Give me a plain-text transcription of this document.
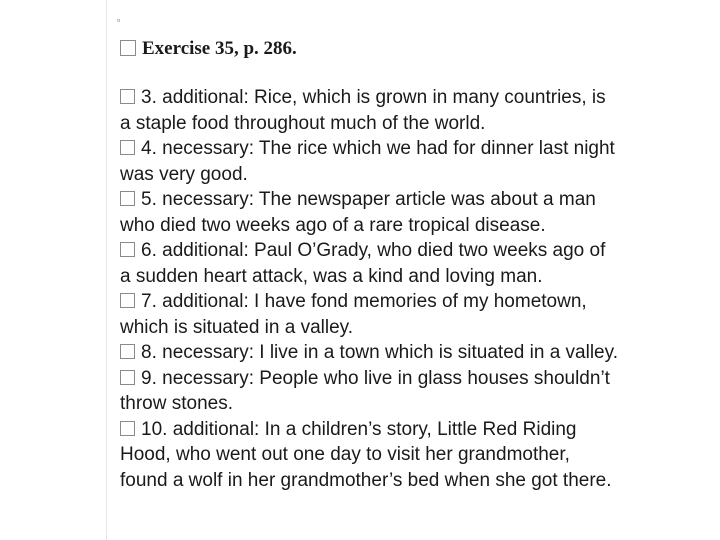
▫
Exercise 35, p. 286.
3. additional: Rice, which is grown in many countries, is
a staple food throughout much of the world.
4. necessary: The rice which we had for dinner last night
was very good.
5. necessary: The newspaper article was about a man
who died two weeks ago of a rare tropical disease.
6. additional: Paul O’Grady, who died two weeks ago of
a sudden heart attack, was a kind and loving man.
7. additional: I have fond memories of my hometown,
which is situated in a valley.
8. necessary: I live in a town which is situated in a valley.
9. necessary: People who live in glass houses shouldn’t
throw stones.
10. additional: In a children’s story, Little Red Riding
Hood, who went out one day to visit her grandmother,
found a wolf in her grandmother’s bed when she got there.
